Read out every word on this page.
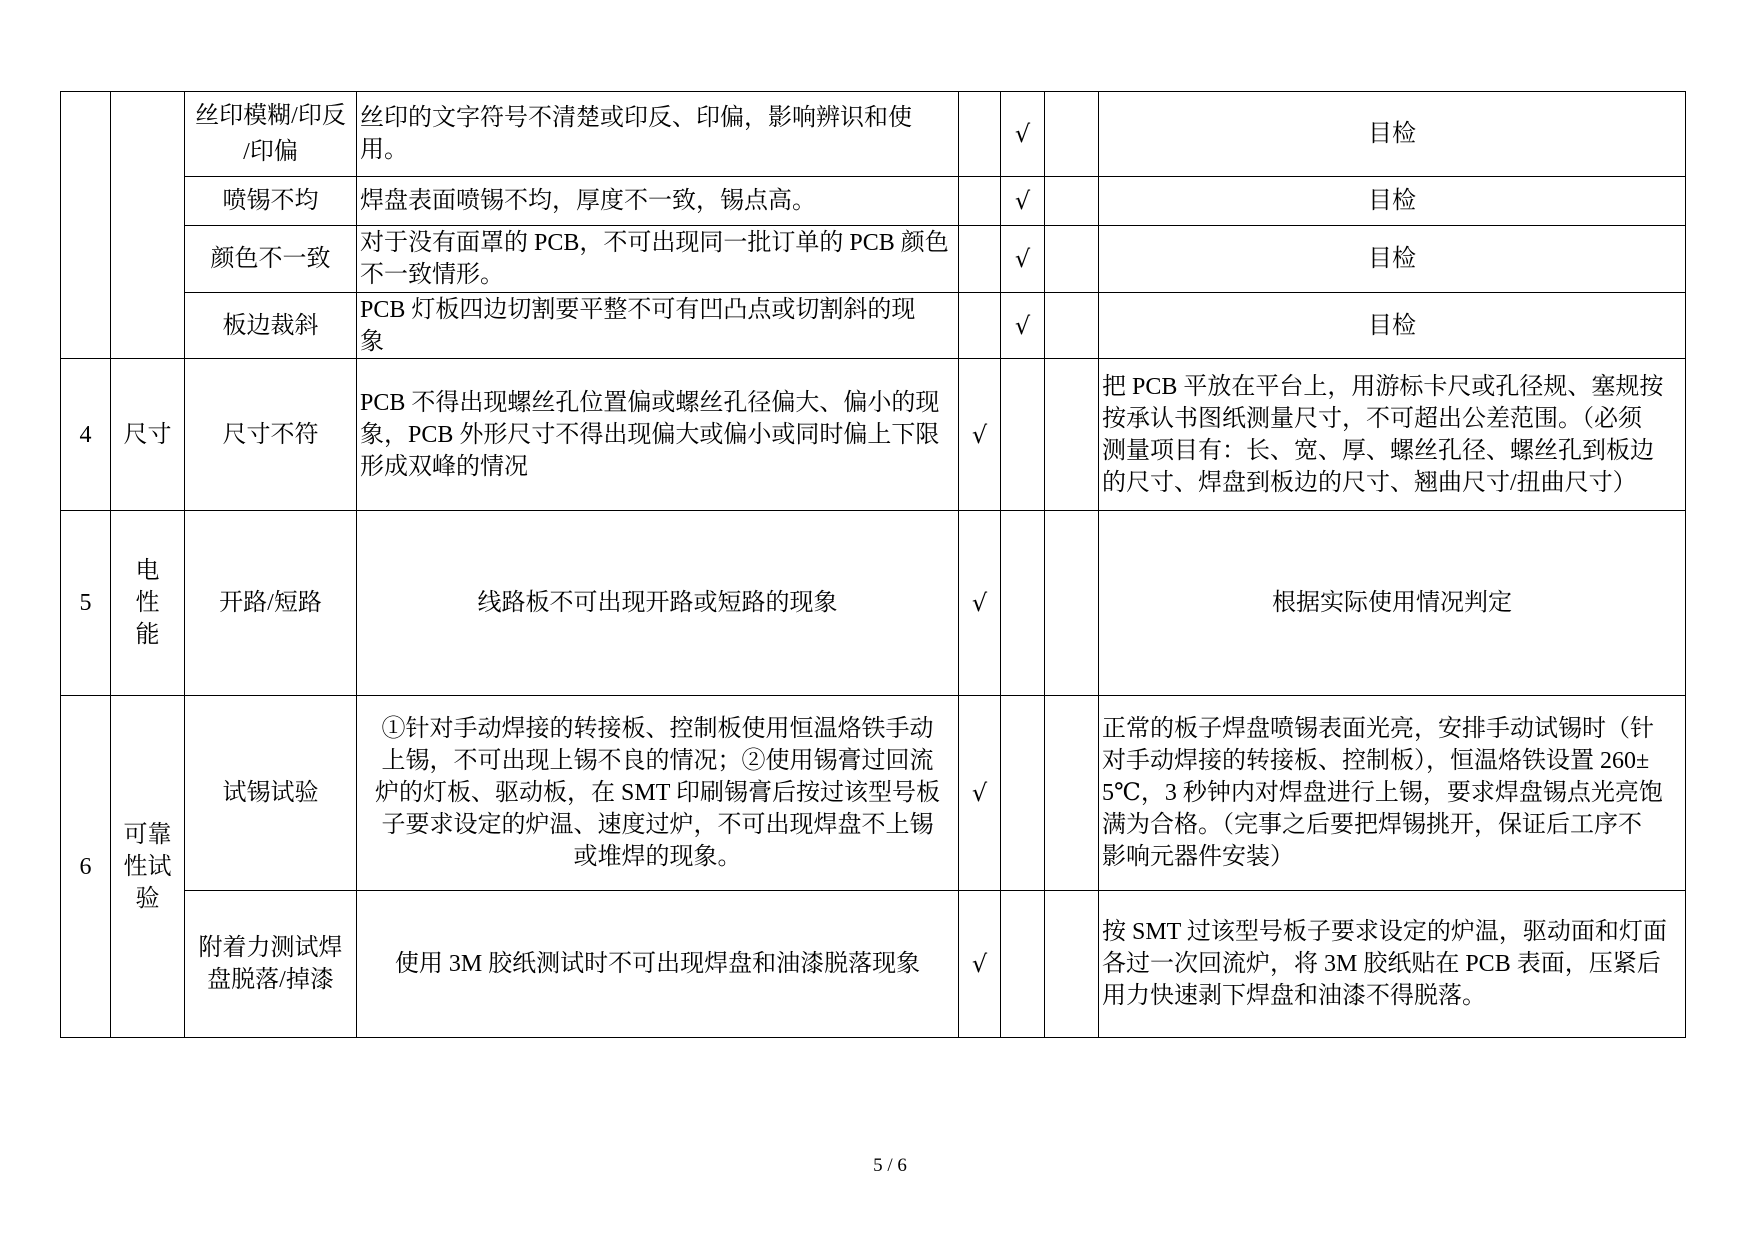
		丝印模糊/印反
/印偏	丝印的文字符号不清楚或印反、印偏，影响辨识和使
用。		√		目检

		喷锡不均	焊盘表面喷锡不均，厚度不一致，锡点高。		√		目检

		颜色不一致	对于没有面罩的 PCB，不可出现同一批订单的 PCB 颜色
不一致情形。		√		目检

		板边裁斜	PCB 灯板四边切割要平整不可有凹凸点或切割斜的现
象		√		目检

4	尺寸	尺寸不符	PCB 不得出现螺丝孔位置偏或螺丝孔径偏大、偏小的现
象，PCB 外形尺寸不得出现偏大或偏小或同时偏上下限
形成双峰的情况	√			把 PCB 平放在平台上，用游标卡尺或孔径规、塞规按
按承认书图纸测量尺寸，不可超出公差范围。（必须
测量项目有：长、宽、厚、螺丝孔径、螺丝孔到板边
的尺寸、焊盘到板边的尺寸、翘曲尺寸/扭曲尺寸）

5	电
性
能	开路/短路	线路板不可出现开路或短路的现象	√			根据实际使用情况判定

6	可靠
性试
验	试锡试验	①针对手动焊接的转接板、控制板使用恒温烙铁手动
上锡，不可出现上锡不良的情况；②使用锡膏过回流
炉的灯板、驱动板，在 SMT 印刷锡膏后按过该型号板
子要求设定的炉温、速度过炉，不可出现焊盘不上锡
或堆焊的现象。	√			正常的板子焊盘喷锡表面光亮，安排手动试锡时（针
对手动焊接的转接板、控制板），恒温烙铁设置 260±
5℃，3 秒钟内对焊盘进行上锡，要求焊盘锡点光亮饱
满为合格。（完事之后要把焊锡挑开，保证后工序不
影响元器件安装）

		附着力测试焊
盘脱落/掉漆	使用 3M 胶纸测试时不可出现焊盘和油漆脱落现象	√			按 SMT 过该型号板子要求设定的炉温，驱动面和灯面
各过一次回流炉，将 3M 胶纸贴在 PCB 表面，压紧后
用力快速剥下焊盘和油漆不得脱落。
5 / 6
